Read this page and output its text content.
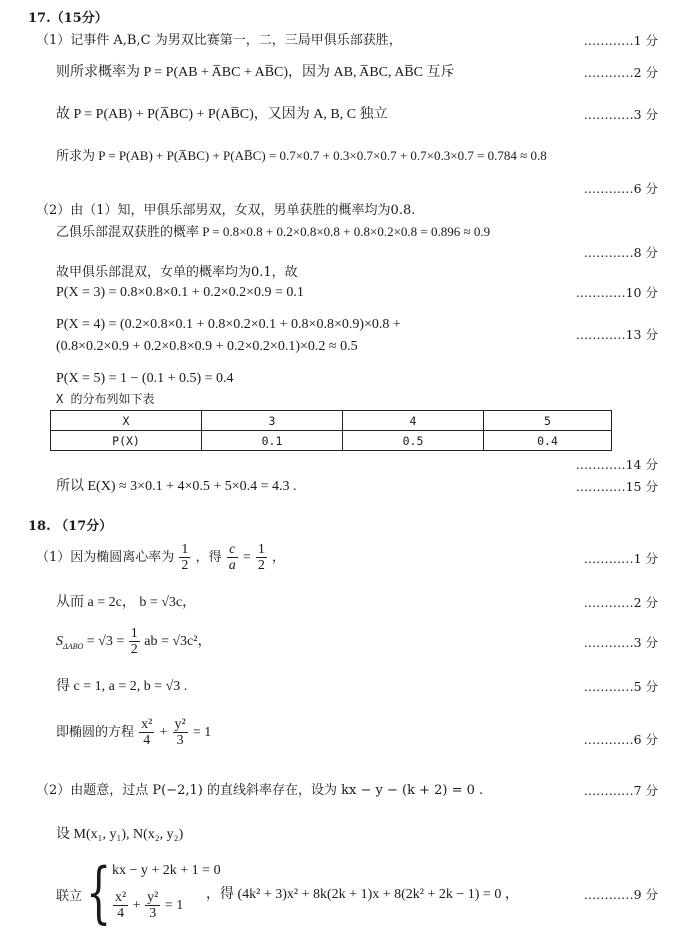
17.（15分）
（1）记事件 A,B,C 为男双比赛第一，二，三局甲俱乐部获胜，	…………1 分
则所求概率为 P = P(AB + A̅BC + AB̅C)，因为 AB, A̅BC, AB̅C 互斥	…………2 分
故 P = P(AB) + P(A̅BC) + P(AB̅C)，又因为 A, B, C 独立	…………3 分
所求为 P = P(AB) + P(A̅BC) + P(AB̅C) = 0.7×0.7 + 0.3×0.7×0.7 + 0.7×0.3×0.7 = 0.784 ≈ 0.8
…………6 分
（2）由（1）知，甲俱乐部男双，女双，男单获胜的概率均为0.8.
乙俱乐部混双获胜的概率 P = 0.8×0.8 + 0.2×0.8×0.8 + 0.8×0.2×0.8 = 0.896 ≈ 0.9
…………8 分
故甲俱乐部混双，女单的概率均为0.1，故
P(X = 3) = 0.8×0.8×0.1 + 0.2×0.2×0.9 = 0.1	…………10 分
P(X = 4) = (0.2×0.8×0.1 + 0.8×0.2×0.1 + 0.8×0.8×0.9)×0.8 +
(0.8×0.2×0.9 + 0.2×0.8×0.9 + 0.2×0.2×0.1)×0.2 ≈ 0.5
…………13 分
P(X = 5) = 1 − (0.1 + 0.5) = 0.4
X 的分布列如下表
X	3	4	5
P(X)	0.1	0.5	0.4
…………14 分
所以 E(X) ≈ 3×0.1 + 4×0.5 + 5×0.4 = 4.3 .	…………15 分
18. （17分）
（1）因为椭圆离心率为 $\frac{1}{2}$ ，得 $\frac{c}{a} = \frac{1}{2}$ ，	…………1 分
从而 a = 2c， b = √3c，	…………2 分
$S_{\Delta ABO} = √3 = \frac{1}{2}$ ab = √3c²，	…………3 分
得 c = 1, a = 2, b = √3 .	…………5 分
即椭圆的方程 $\frac{\text{x²}}{4} + \frac{\text{y²}}{3} = 1$	…………6 分
（2）由题意，过点 P(−2,1) 的直线斜率存在，设为 kx − y − (k + 2) = 0 .	…………7 分
设 M(x₁, y₁), N(x₂, y₂)
联立 { kx − y + 2k + 1 = 0
$\frac{\text{x²}}{4} + \frac{\text{y²}}{3} = 1$
，得 (4k² + 3)x² + 8k(2k + 1)x + 8(2k² + 2k − 1) = 0 ，	…………9 分
